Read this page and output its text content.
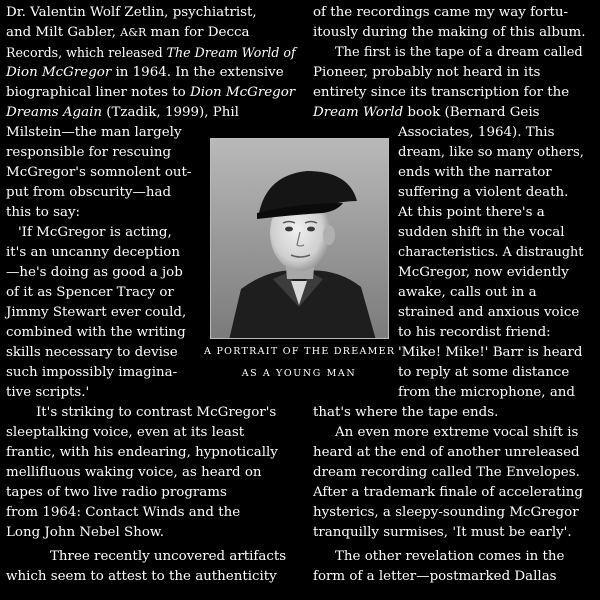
Dr. Valentin Wolf Zetlin, psychiatrist,
and Milt Gabler, A&R man for Decca
Records, which released The Dream World of
Dion McGregor in 1964. In the extensive
biographical liner notes to Dion McGregor
Dreams Again (Tzadik, 1999), Phil
Milstein—the man largely
responsible for rescuing
McGregor's somnolent out-
put from obscurity—had
this to say:
'If McGregor is acting,
it's an uncanny deception
—he's doing as good a job
of it as Spencer Tracy or
Jimmy Stewart ever could,
combined with the writing
skills necessary to devise
such impossibly imagina-
tive scripts.'
It's striking to contrast McGregor's
sleeptalking voice, even at its least
frantic, with his endearing, hypnotically
mellifluous waking voice, as heard on
tapes of two live radio programs
from 1964: Contact Winds and the
Long John Nebel Show.
Three recently uncovered artifacts
which seem to attest to the authenticity
A PORTRAIT OF THE DREAMER
AS A YOUNG MAN
of the recordings came my way fortu-
itously during the making of this album.
The first is the tape of a dream called
Pioneer, probably not heard in its
entirety since its transcription for the
Dream World book (Bernard Geis
Associates, 1964). This
dream, like so many others,
ends with the narrator
suffering a violent death.
At this point there's a
sudden shift in the vocal
characteristics. A distraught
McGregor, now evidently
awake, calls out in a
strained and anxious voice
to his recordist friend:
'Mike! Mike!' Barr is heard
to reply at some distance
from the microphone, and
that's where the tape ends.
An even more extreme vocal shift is
heard at the end of another unreleased
dream recording called The Envelopes.
After a trademark finale of accelerating
hysterics, a sleepy-sounding McGregor
tranquilly surmises, 'It must be early'.
The other revelation comes in the
form of a letter—postmarked Dallas
